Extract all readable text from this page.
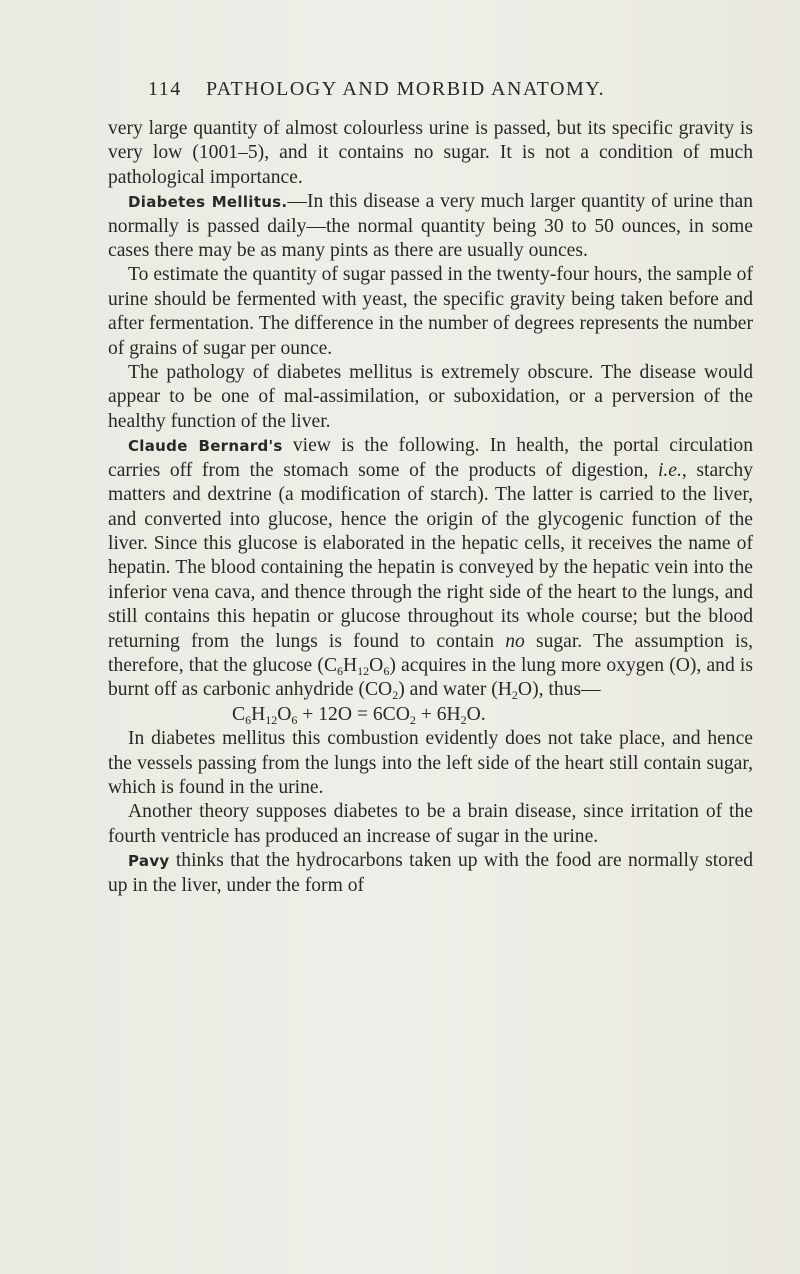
114 PATHOLOGY AND MORBID ANATOMY.

very large quantity of almost colourless urine is passed, but its specific gravity is very low (1001–5), and it contains no sugar. It is not a condition of much pathological importance.

Diabetes Mellitus.—In this disease a very much larger quantity of urine than normally is passed daily—the normal quantity being 30 to 50 ounces, in some cases there may be as many pints as there are usually ounces.

To estimate the quantity of sugar passed in the twenty-four hours, the sample of urine should be fermented with yeast, the specific gravity being taken before and after fermentation. The difference in the number of degrees represents the number of grains of sugar per ounce.

The pathology of diabetes mellitus is extremely obscure. The disease would appear to be one of mal-assimilation, or suboxidation, or a perversion of the healthy function of the liver.

Claude Bernard's view is the following. In health, the portal circulation carries off from the stomach some of the products of digestion, i.e., starchy matters and dextrine (a modification of starch). The latter is carried to the liver, and converted into glucose, hence the origin of the glycogenic function of the liver. Since this glucose is elaborated in the hepatic cells, it receives the name of hepatin. The blood containing the hepatin is conveyed by the hepatic vein into the inferior vena cava, and thence through the right side of the heart to the lungs, and still contains this hepatin or glucose throughout its whole course; but the blood returning from the lungs is found to contain no sugar. The assumption is, therefore, that the glucose $(C_6H_{12}O_6)$ acquires in the lung more oxygen (O), and is burnt off as carbonic anhydride $(CO_2)$ and water $(H_2O)$, thus—

$C_6H_{12}O_6 + 12O = 6CO_2 + 6H_2O$.

In diabetes mellitus this combustion evidently does not take place, and hence the vessels passing from the lungs into the left side of the heart still contain sugar, which is found in the urine.

Another theory supposes diabetes to be a brain disease, since irritation of the fourth ventricle has produced an increase of sugar in the urine.

Pavy thinks that the hydrocarbons taken up with the food are normally stored up in the liver, under the form of
